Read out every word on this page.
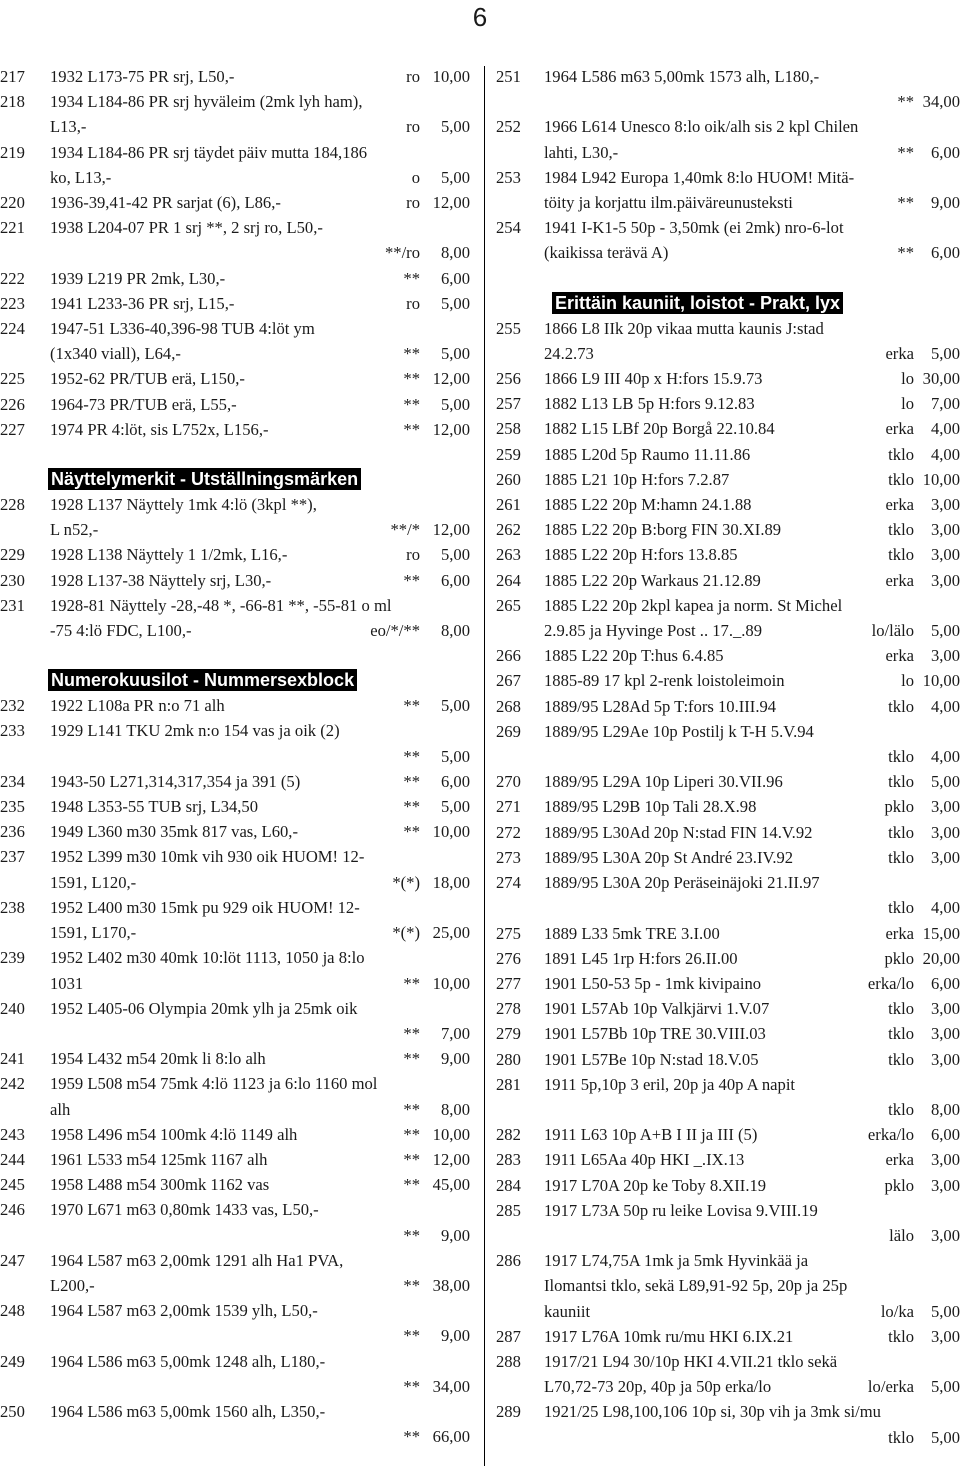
6
217	1932 L173-75 PR srj, L50,-	ro 10,00
218	1934 L184-86 PR srj hyväleim (2mk lyh ham),
L13,-	ro	5,00
219	1934 L184-86 PR srj täydet päiv mutta 184,186
ko, L13,-	o	5,00
220	1936-39,41-42 PR sarjat (6), L86,-	ro 12,00
221	1938 L204-07 PR 1 srj **, 2 srj ro, L50,-
**/ro	8,00
222	1939 L219 PR 2mk, L30,-	**	6,00
223	1941 L233-36 PR srj, L15,-	ro	5,00
224	1947-51 L336-40,396-98 TUB 4:löt ym
(1x340 viall), L64,-	**	5,00
225	1952-62 PR/TUB erä, L150,-	** 12,00
226	1964-73 PR/TUB erä, L55,-	**	5,00
227	1974 PR 4:löt, sis L752x, L156,-	** 12,00
Näyttelymerkit - Utställningsmärken
228	1928 L137 Näyttely 1mk 4:lö (3kpl **),
L n52,-	**/* 12,00
229	1928 L138 Näyttely 1 1/2mk, L16,-	ro	5,00
230	1928 L137-38 Näyttely srj, L30,-	**	6,00
231	1928-81 Näyttely -28,-48 *, -66-81 **, -55-81 o ml
-75 4:lö FDC, L100,-	eo/*/**	8,00
Numerokuusilot - Nummersexblock
232	1922 L108a PR n:o 71 alh	**	5,00
233	1929 L141 TKU 2mk n:o 154 vas ja oik (2)
**	5,00
234	1943-50 L271,314,317,354 ja 391 (5)	**	6,00
235	1948 L353-55 TUB srj, L34,50	**	5,00
236	1949 L360 m30 35mk 817 vas, L60,-	** 10,00
237	1952 L399 m30 10mk vih 930 oik HUOM! 12-
1591, L120,-	*(*) 18,00
238	1952 L400 m30 15mk pu 929 oik HUOM! 12-
1591, L170,-	*(*) 25,00
239	1952 L402 m30 40mk 10:löt 1113, 1050 ja 8:lo
1031	** 10,00
240	1952 L405-06 Olympia 20mk ylh ja 25mk oik
**	7,00
241	1954 L432 m54 20mk li 8:lo alh	**	9,00
242	1959 L508 m54 75mk 4:lö 1123 ja 6:lo 1160 mol
alh	**	8,00
243	1958 L496 m54 100mk 4:lö 1149 alh	** 10,00
244	1961 L533 m54 125mk 1167 alh	** 12,00
245	1958 L488 m54 300mk 1162 vas	** 45,00
246	1970 L671 m63 0,80mk 1433 vas, L50,-
**	9,00
247	1964 L587 m63 2,00mk 1291 alh Ha1 PVA,
L200,-	** 38,00
248	1964 L587 m63 2,00mk 1539 ylh, L50,-
**	9,00
249	1964 L586 m63 5,00mk 1248 alh, L180,-
** 34,00
250	1964 L586 m63 5,00mk 1560 alh, L350,-
** 66,00
251	1964 L586 m63 5,00mk 1573 alh, L180,-
** 34,00
252	1966 L614 Unesco 8:lo oik/alh sis 2 kpl Chilen
lahti, L30,-	**	6,00
253	1984 L942 Europa 1,40mk 8:lo HUOM! Mitä-
töity ja korjattu ilm.päiväreunusteksti	**	9,00
254	1941 I-K1-5 50p - 3,50mk (ei 2mk) nro-6-lot
(kaikissa terävä A)	**	6,00
Erittäin kauniit, loistot - Prakt, lyx
255	1866 L8 IIk 20p vikaa mutta kaunis J:stad
24.2.73	erka	5,00
256	1866 L9 III 40p x H:fors 15.9.73	lo 30,00
257	1882 L13 LB 5p H:fors 9.12.83	lo	7,00
258	1882 L15 LBf 20p Borgå 22.10.84	erka	4,00
259	1885 L20d 5p Raumo 11.11.86	tklo	4,00
260	1885 L21 10p H:fors 7.2.87	tklo 10,00
261	1885 L22 20p M:hamn 24.1.88	erka	3,00
262	1885 L22 20p B:borg FIN 30.XI.89	tklo	3,00
263	1885 L22 20p H:fors 13.8.85	tklo	3,00
264	1885 L22 20p Warkaus 21.12.89	erka	3,00
265	1885 L22 20p 2kpl kapea ja norm. St Michel
2.9.85 ja Hyvinge Post .. 17._.89	lo/lälo	5,00
266	1885 L22 20p T:hus 6.4.85	erka	3,00
267	1885-89 17 kpl 2-renk loistoleimoin	lo 10,00
268	1889/95 L28Ad 5p T:fors 10.III.94	tklo	4,00
269	1889/95 L29Ae 10p Postilj k T-H 5.V.94
tklo	4,00
270	1889/95 L29A 10p Liperi 30.VII.96	tklo	5,00
271	1889/95 L29B 10p Tali 28.X.98	pklo	3,00
272	1889/95 L30Ad 20p N:stad FIN 14.V.92	tklo	3,00
273	1889/95 L30A 20p St André 23.IV.92	tklo	3,00
274	1889/95 L30A 20p Peräseinäjoki 21.II.97
tklo	4,00
275	1889 L33 5mk TRE 3.I.00	erka 15,00
276	1891 L45 1rp H:fors 26.II.00	pklo 20,00
277	1901 L50-53 5p - 1mk kivipaino	erka/lo	6,00
278	1901 L57Ab 10p Valkjärvi 1.V.07	tklo	3,00
279	1901 L57Bb 10p TRE 30.VIII.03	tklo	3,00
280	1901 L57Be 10p N:stad 18.V.05	tklo	3,00
281	1911 5p,10p 3 eril, 20p ja 40p A napit
tklo	8,00
282	1911 L63 10p A+B I II ja III (5)	erka/lo	6,00
283	1911 L65Aa 40p HKI _.IX.13	erka	3,00
284	1917 L70A 20p ke Toby 8.XII.19	pklo	3,00
285	1917 L73A 50p ru leike Lovisa 9.VIII.19
lälo	3,00
286	1917 L74,75A 1mk ja 5mk Hyvinkää ja
Ilomantsi tklo, sekä L89,91-92 5p, 20p ja 25p
kauniit	lo/ka	5,00
287	1917 L76A 10mk ru/mu HKI 6.IX.21	tklo	3,00
288	1917/21 L94 30/10p HKI 4.VII.21 tklo sekä
L70,72-73 20p, 40p ja 50p erka/lo	lo/erka	5,00
289	1921/25 L98,100,106 10p si, 30p vih ja 3mk si/mu
tklo	5,00
